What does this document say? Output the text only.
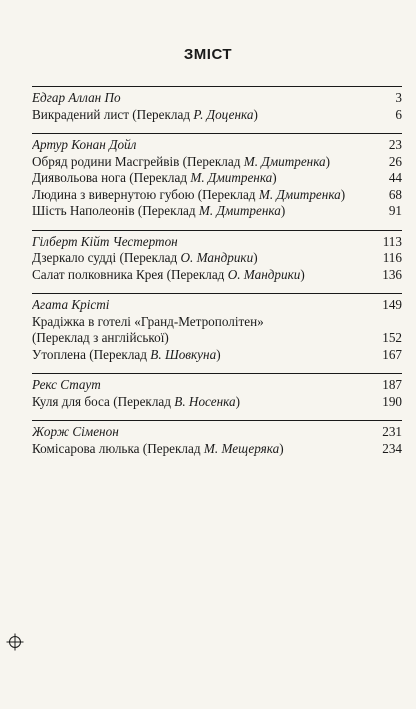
ЗМІСТ
Едгар Аллан По	3
Викрадений лист (Переклад Р. Доценка)	6
Артур Конан Дойл	23
Обряд родини Масгрейвів (Переклад М. Дмитренка)	26
Диявольова нога (Переклад М. Дмитренка)	44
Людина з вивернутою губою (Переклад М. Дмитренка)	68
Шість Наполеонів (Переклад М. Дмитренка)	91
Гілберт Кійт Честертон	113
Дзеркало судді (Переклад О. Мандрики)	116
Салат полковника Крея (Переклад О. Мандрики)	136
Агата Крісті	149
Крадіжка в готелі «Гранд-Метрополітен»
(Переклад з англійської)	152
Утоплена (Переклад В. Шовкуна)	167
Рекс Стаут	187
Куля для боса (Переклад В. Носенка)	190
Жорж Сіменон	231
Комісарова люлька (Переклад М. Мещеряка)	234
